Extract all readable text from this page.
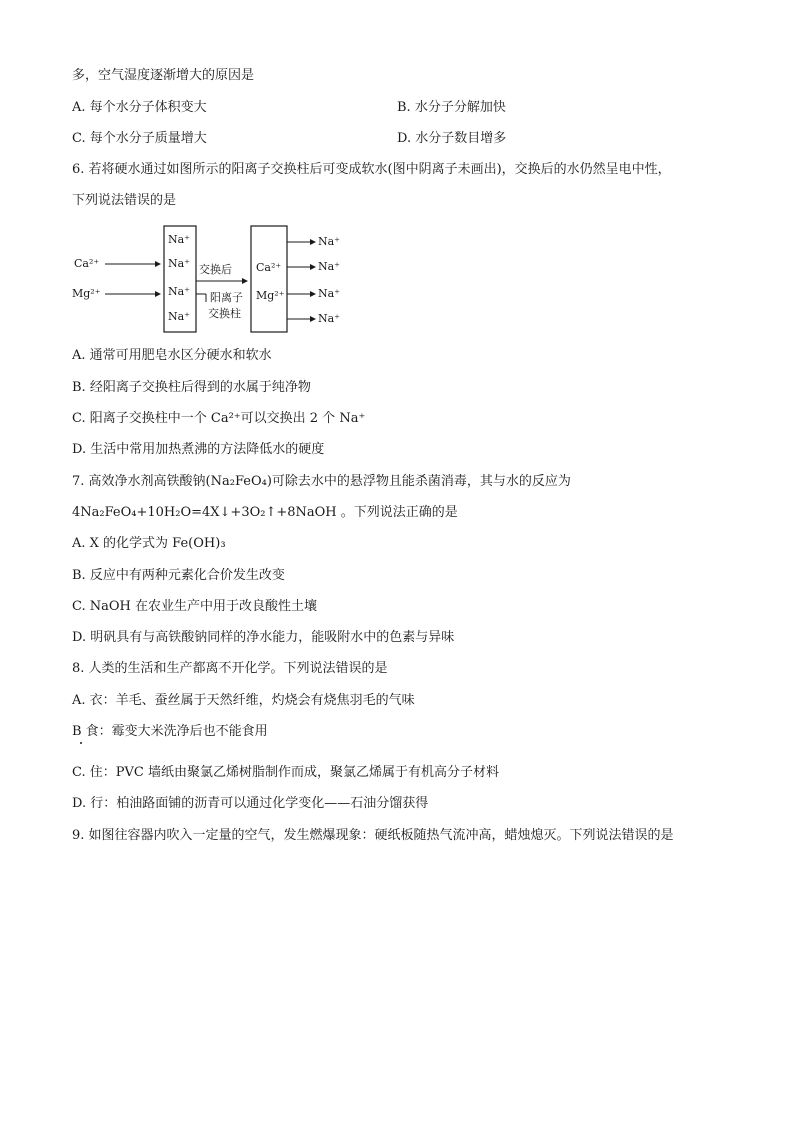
多，空气湿度逐渐增大的原因是
A. 每个水分子体积变大	B. 水分子分解加快
C. 每个水分子质量增大	D. 水分子数目增多
6. 若将硬水通过如图所示的阳离子交换柱后可变成软水(图中阴离子未画出)，交换后的水仍然呈电中性，
下列说法错误的是
Ca²⁺
Mg²⁺
Na⁺
Na⁺
Na⁺
Na⁺
交换后
阳离子
交换柱
Ca²⁺
Mg²⁺
Na⁺
Na⁺
Na⁺
Na⁺
A. 通常可用肥皂水区分硬水和软水
B. 经阳离子交换柱后得到的水属于纯净物
C. 阳离子交换柱中一个 Ca²⁺可以交换出 2 个 Na⁺
D. 生活中常用加热煮沸的方法降低水的硬度
7. 高效净水剂高铁酸钠(Na₂FeO₄)可除去水中的悬浮物且能杀菌消毒，其与水的反应为
4Na₂FeO₄+10H₂O=4X↓+3O₂↑+8NaOH 。下列说法正确的是
A. X 的化学式为 Fe(OH)₃
B. 反应中有两种元素化合价发生改变
C. NaOH 在农业生产中用于改良酸性土壤
D. 明矾具有与高铁酸钠同样的净水能力，能吸附水中的色素与异味
8. 人类的生活和生产都离不开化学。下列说法错误的是
A. 衣：羊毛、蚕丝属于天然纤维，灼烧会有烧焦羽毛的气味
B 食：霉变大米洗净后也不能食用
C. 住：PVC 墙纸由聚氯乙烯树脂制作而成，聚氯乙烯属于有机高分子材料
D. 行：柏油路面铺的沥青可以通过化学变化——石油分馏获得
9. 如图往容器内吹入一定量的空气，发生燃爆现象：硬纸板随热气流冲高，蜡烛熄灭。下列说法错误的是
